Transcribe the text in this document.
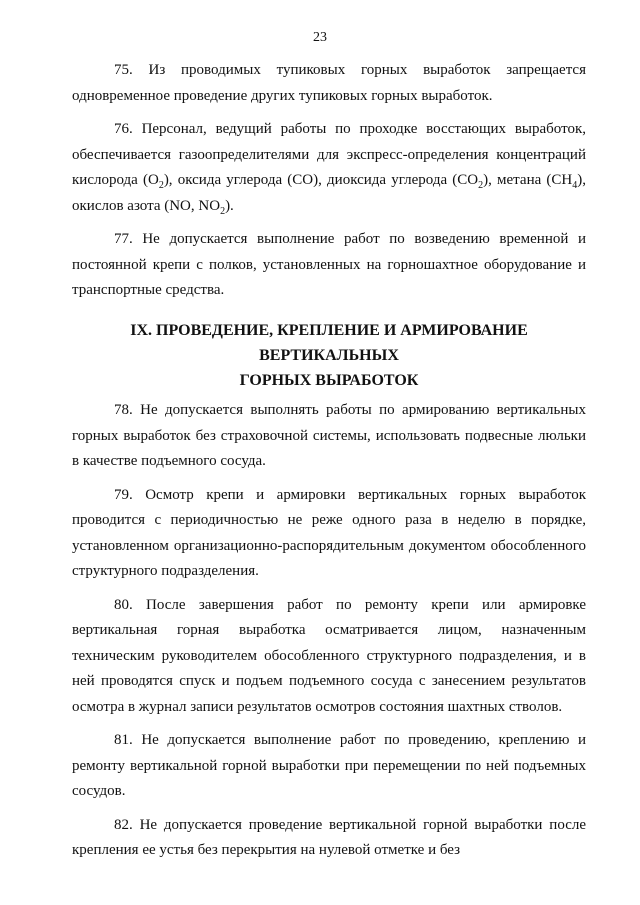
23

75. Из проводимых тупиковых горных выработок запрещается одновременное проведение других тупиковых горных выработок.

76. Персонал, ведущий работы по проходке восстающих выработок, обеспечивается газоопределителями для экспресс-определения концентраций кислорода $(O_2)$, оксида углерода (CO), диоксида углерода $(CO_2)$, метана $(CH_4)$, окислов азота (NO, $NO_2$).

77. Не допускается выполнение работ по возведению временной и постоянной крепи с полков, установленных на горношахтное оборудование и транспортные средства.

IX. ПРОВЕДЕНИЕ, КРЕПЛЕНИЕ И АРМИРОВАНИЕ ВЕРТИКАЛЬНЫХ
ГОРНЫХ ВЫРАБОТОК

78. Не допускается выполнять работы по армированию вертикальных горных выработок без страховочной системы, использовать подвесные люльки в качестве подъемного сосуда.

79. Осмотр крепи и армировки вертикальных горных выработок проводится с периодичностью не реже одного раза в неделю в порядке, установленном организационно-распорядительным документом обособленного структурного подразделения.

80. После завершения работ по ремонту крепи или армировке вертикальная горная выработка осматривается лицом, назначенным техническим руководителем обособленного структурного подразделения, и в ней проводятся спуск и подъем подъемного сосуда с занесением результатов осмотра в журнал записи результатов осмотров состояния шахтных стволов.

81. Не допускается выполнение работ по проведению, креплению и ремонту вертикальной горной выработки при перемещении по ней подъемных сосудов.

82. Не допускается проведение вертикальной горной выработки после крепления ее устья без перекрытия на нулевой отметке и без
